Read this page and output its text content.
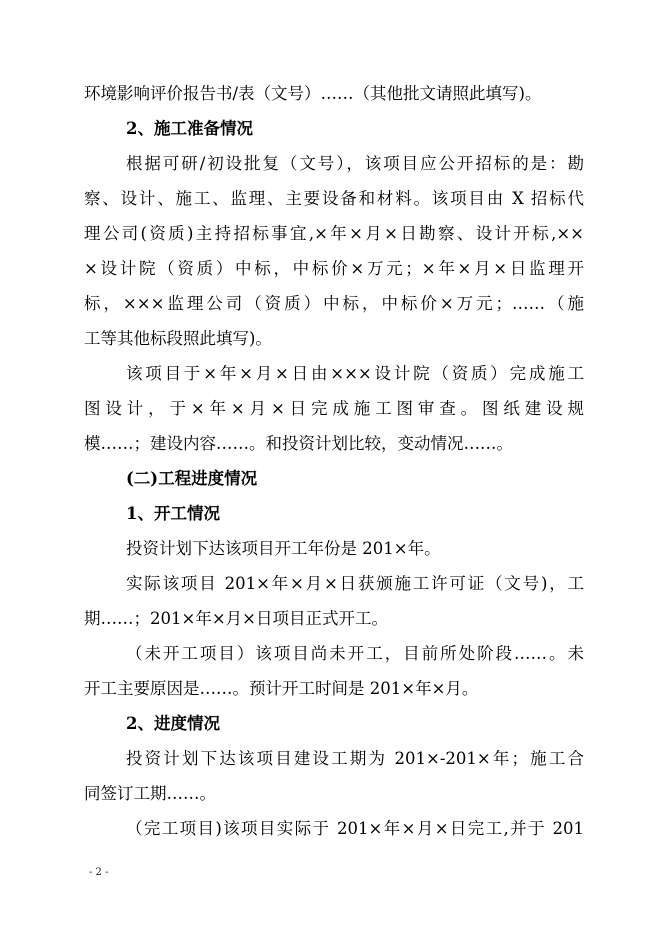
环境影响评价报告书/表（文号）……（其他批文请照此填写)。
2、施工准备情况
根据可研/初设批复（文号），该项目应公开招标的是：勘
察、设计、施工、监理、主要设备和材料。该项目由 X 招标代
理公司(资质)主持招标事宜,×年×月×日勘察、设计开标,××
×设计院（资质）中标，中标价×万元；×年×月×日监理开
标，×××监理公司（资质）中标，中标价×万元；……（施
工等其他标段照此填写)。
该项目于×年×月×日由×××设计院（资质）完成施工
图设计，于×年×月×日完成施工图审查。图纸建设规
模……；建设内容……。和投资计划比较，变动情况……。
(二)工程进度情况
1、开工情况
投资计划下达该项目开工年份是 201×年。
实际该项目 201×年×月×日获颁施工许可证（文号)，工
期……；201×年×月×日项目正式开工。
（未开工项目）该项目尚未开工，目前所处阶段……。未
开工主要原因是……。预计开工时间是 201×年×月。
2、进度情况
投资计划下达该项目建设工期为 201×-201×年；施工合
同签订工期……。
（完工项目)该项目实际于 201×年×月×日完工,并于 201
- 2 -
